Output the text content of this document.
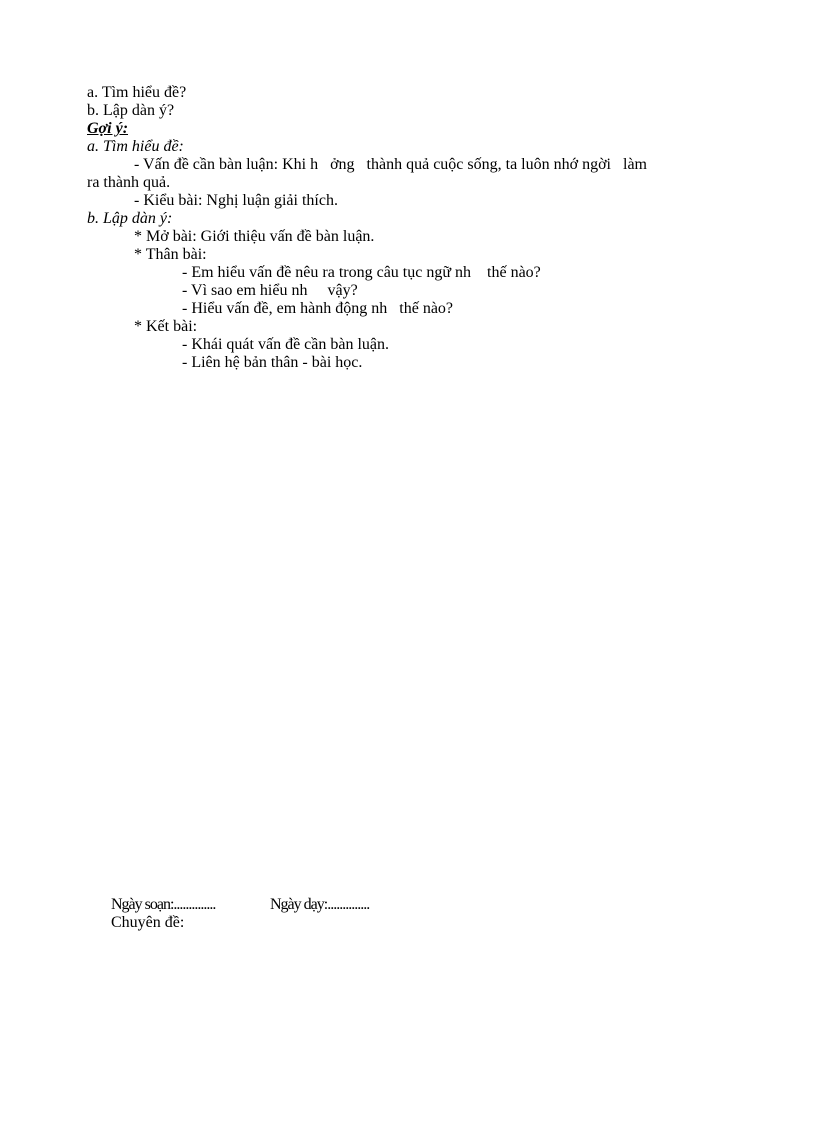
a. Tìm hiểu đề?

b. Lập dàn ý?

Gợi ý:

a. Tìm hiểu đề:

- Vấn đề cần bàn luận: Khi h   ởng   thành quả cuộc sống, ta luôn nhớ ngời   làm

ra thành quả.

- Kiểu bài: Nghị luận giải thích.

b. Lập dàn ý:

* Mở bài: Giới thiệu vấn đề bàn luận.

* Thân bài:

- Em hiểu vấn đề nêu ra trong câu tục ngữ nh    thế nào?

- Vì sao em hiểu nh     vậy?

- Hiểu vấn đề, em hành động nh   thế nào?

* Kết bài:

- Khái quát vấn đề cần bàn luận.

- Liên hệ bản thân - bài học.

Ngày soạn:..............	Ngày dạy:..............

Chuyên đề:
